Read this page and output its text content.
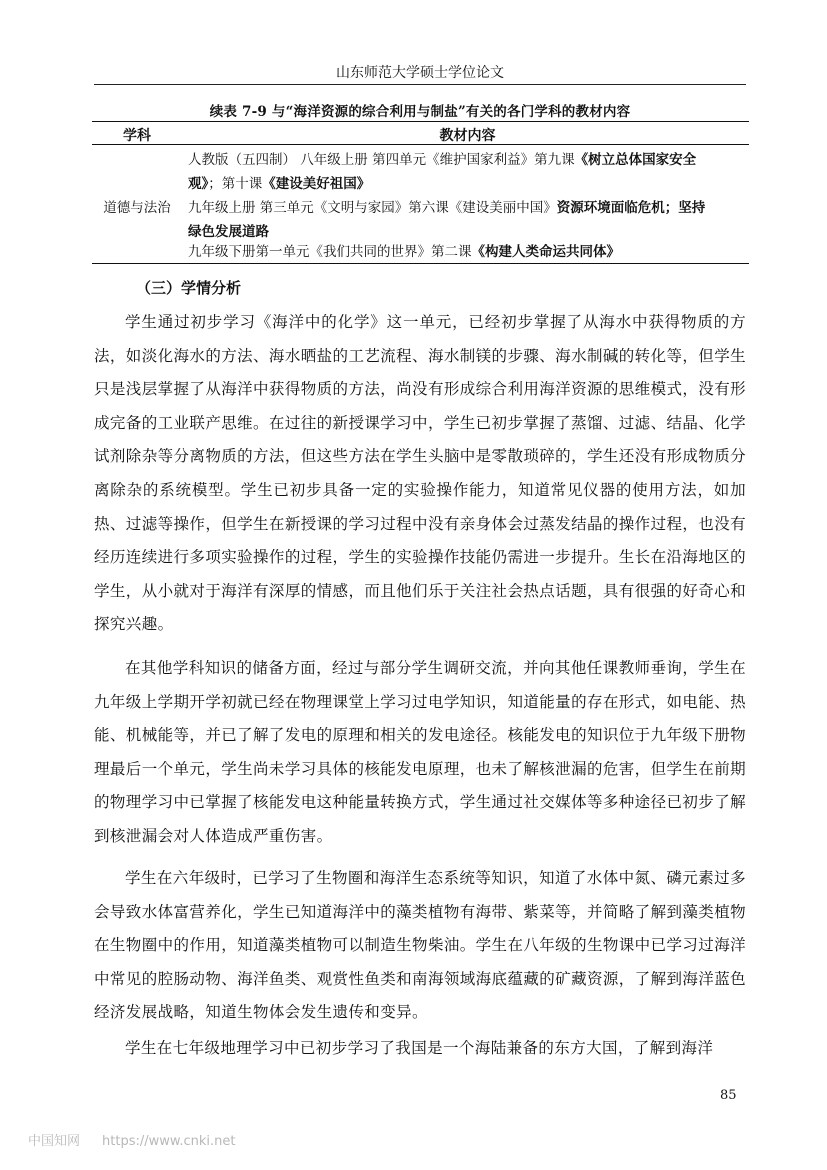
山东师范大学硕士学位论文
续表 7-9 与“海洋资源的综合利用与制盐”有关的各门学科的教材内容
学科	教材内容
道德与法治
人教版（五四制） 八年级上册 第四单元《维护国家利益》第九课《树立总体国家安全
观》；第十课《建设美好祖国》
九年级上册 第三单元《文明与家园》第六课《建设美丽中国》资源环境面临危机；坚持
绿色发展道路
九年级下册第一单元《我们共同的世界》第二课《构建人类命运共同体》
（三）学情分析

学生通过初步学习《海洋中的化学》这一单元，已经初步掌握了从海水中获得物质的方法，如淡化海水的方法、海水晒盐的工艺流程、海水制镁的步骤、海水制碱的转化等，但学生只是浅层掌握了从海洋中获得物质的方法，尚没有形成综合利用海洋资源的思维模式，没有形成完备的工业联产思维。在过往的新授课学习中，学生已初步掌握了蒸馏、过滤、结晶、化学试剂除杂等分离物质的方法，但这些方法在学生头脑中是零散琐碎的，学生还没有形成物质分离除杂的系统模型。学生已初步具备一定的实验操作能力，知道常见仪器的使用方法，如加热、过滤等操作，但学生在新授课的学习过程中没有亲身体会过蒸发结晶的操作过程，也没有经历连续进行多项实验操作的过程，学生的实验操作技能仍需进一步提升。生长在沿海地区的学生，从小就对于海洋有深厚的情感，而且他们乐于关注社会热点话题，具有很强的好奇心和探究兴趣。

在其他学科知识的储备方面，经过与部分学生调研交流，并向其他任课教师垂询，学生在九年级上学期开学初就已经在物理课堂上学习过电学知识，知道能量的存在形式，如电能、热能、机械能等，并已了解了发电的原理和相关的发电途径。核能发电的知识位于九年级下册物理最后一个单元，学生尚未学习具体的核能发电原理，也未了解核泄漏的危害，但学生在前期的物理学习中已掌握了核能发电这种能量转换方式，学生通过社交媒体等多种途径已初步了解到核泄漏会对人体造成严重伤害。

学生在六年级时，已学习了生物圈和海洋生态系统等知识，知道了水体中氮、磷元素过多会导致水体富营养化，学生已知道海洋中的藻类植物有海带、紫菜等，并简略了解到藻类植物在生物圈中的作用，知道藻类植物可以制造生物柴油。学生在八年级的生物课中已学习过海洋中常见的腔肠动物、海洋鱼类、观赏性鱼类和南海领域海底蕴藏的矿藏资源，了解到海洋蓝色经济发展战略，知道生物体会发生遗传和变异。

学生在七年级地理学习中已初步学习了我国是一个海陆兼备的东方大国，了解到海洋

85
中国知网 https://www.cnki.net
